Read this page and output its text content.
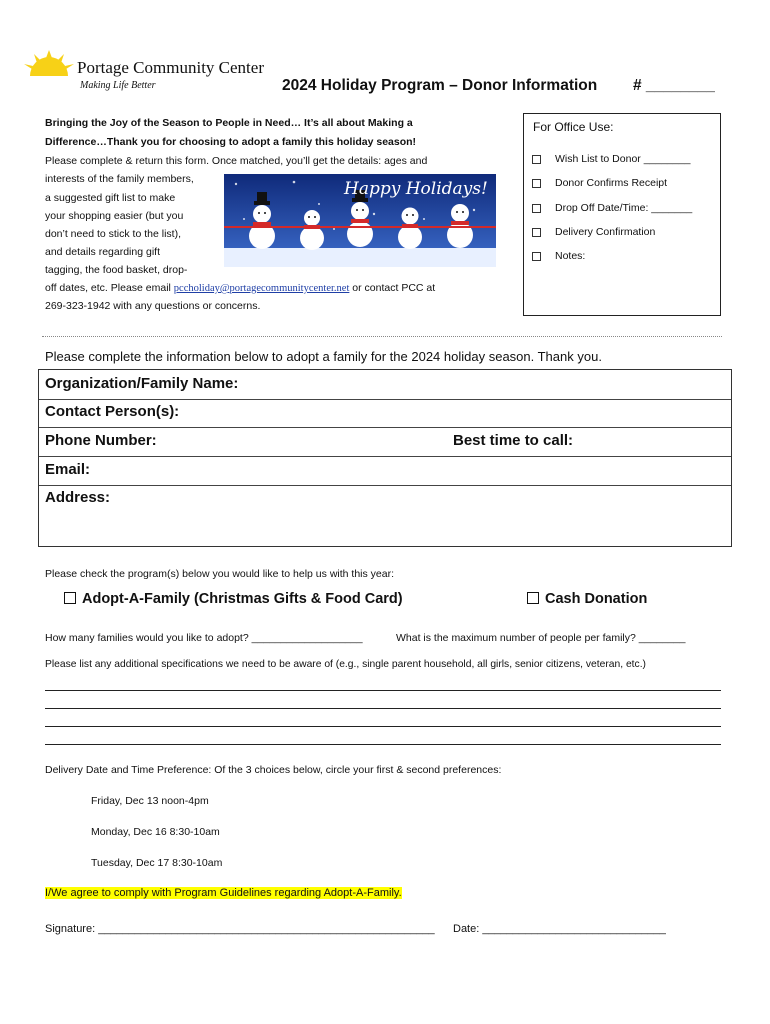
Portage Community Center
Making Life Better	2024 Holiday Program – Donor Information # ________
Bringing the Joy of the Season to People in Need… It’s all about Making a
Difference…Thank you for choosing to adopt a family this holiday season!
Please complete & return this form. Once matched, you’ll get the details: ages and
interests of the family members,
a suggested gift list to make
your shopping easier (but you
don’t need to stick to the list),
and details regarding gift
tagging, the food basket, drop-
off dates, etc. Please email pccholiday@portagecommunitycenter.net or contact PCC at
269-323-1942 with any questions or concerns.
Happy Holidays!
For Office Use:
Wish List to Donor ________
Donor Confirms Receipt
Drop Off Date/Time: _______
Delivery Confirmation
Notes:
Please complete the information below to adopt a family for the 2024 holiday season. Thank you.
Organization/Family Name:
Contact Person(s):
Phone Number:	Best time to call:
Email:
Address:
Please check the program(s) below you would like to help us with this year:
Adopt-A-Family (Christmas Gifts & Food Card)	Cash Donation
How many families would you like to adopt? ___________________	What is the maximum number of people per family? ________
Please list any additional specifications we need to be aware of (e.g., single parent household, all girls, senior citizens, veteran, etc.)
Delivery Date and Time Preference: Of the 3 choices below, circle your first & second preferences:
Friday, Dec 13 noon-4pm
Monday, Dec 16 8:30-10am
Tuesday, Dec 17 8:30-10am
I/We agree to comply with Program Guidelines regarding Adopt-A-Family.
Signature: _______________________________________________________ Date: ______________________________
